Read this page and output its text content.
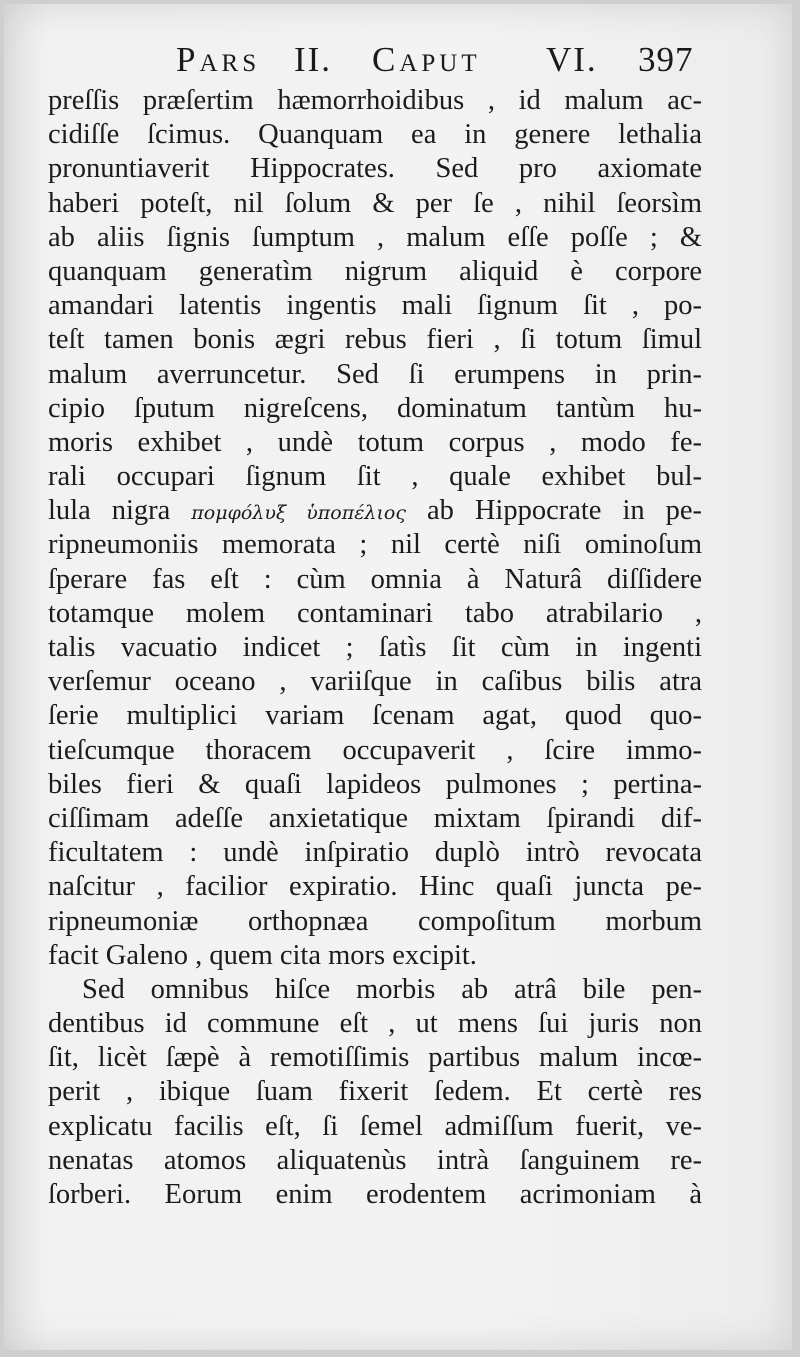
Pars II. Caput VI. 397
preſſis præſertim hæmorrhoidibus , id malum ac-
cidiſſe ſcimus. Quanquam ea in genere lethalia
pronuntiaverit Hippocrates. Sed pro axiomate
haberi poteſt, nil ſolum & per ſe , nihil ſeorsìm
ab aliis ſignis ſumptum , malum eſſe poſſe ; &
quanquam generatìm nigrum aliquid è corpore
amandari latentis ingentis mali ſignum ſit , po-
teſt tamen bonis ægri rebus fieri , ſi totum ſimul
malum averruncetur. Sed ſi erumpens in prin-
cipio ſputum nigreſcens, dominatum tantùm hu-
moris exhibet , undè totum corpus , modo fe-
rali occupari ſignum ſit , quale exhibet bul-
lula nigra πομφόλυξ ὑποπέλιος ab Hippocrate in pe-
ripneumoniis memorata ; nil certè niſi ominoſum
ſperare fas eſt : cùm omnia à Naturâ diſſidere
totamque molem contaminari tabo atrabilario ,
talis vacuatio indicet ; ſatìs ſit cùm in ingenti
verſemur oceano , variiſque in caſibus bilis atra
ſerie multiplici variam ſcenam agat, quod quo-
tieſcumque thoracem occupaverit , ſcire immo-
biles fieri & quaſi lapideos pulmones ; pertina-
ciſſimam adeſſe anxietatique mixtam ſpirandi dif-
ficultatem : undè inſpiratio duplò intrò revocata
naſcitur , facilior expiratio. Hinc quaſi juncta pe-
ripneumoniæ orthopnæa compoſitum morbum
facit Galeno , quem cita mors excipit.
Sed omnibus hiſce morbis ab atrâ bile pen-
dentibus id commune eſt , ut mens ſui juris non
ſit, licèt ſæpè à remotiſſimis partibus malum incœ-
perit , ibique ſuam fixerit ſedem. Et certè res
explicatu facilis eſt, ſi ſemel admiſſum fuerit, ve-
nenatas atomos aliquatenùs intrà ſanguinem re-
ſorberi. Eorum enim erodentem acrimoniam à
